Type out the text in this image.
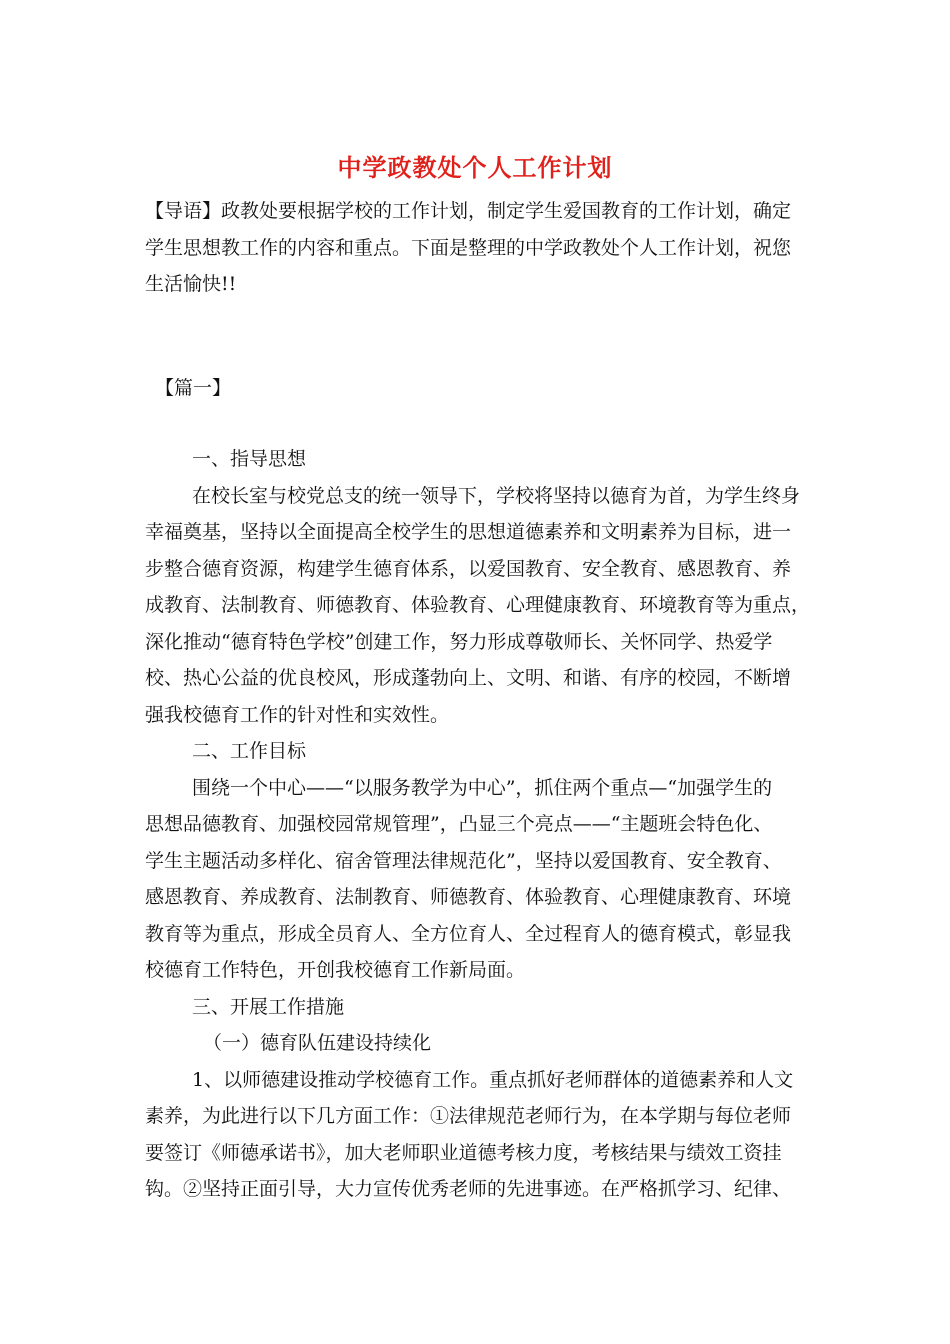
中学政教处个人工作计划
【导语】政教处要根据学校的工作计划，制定学生爱国教育的工作计划，确定
学生思想教工作的内容和重点。下面是整理的中学政教处个人工作计划，祝您
生活愉快!!
【篇一】
一、指导思想
在校长室与校党总支的统一领导下，学校将坚持以德育为首，为学生终身
幸福奠基，坚持以全面提高全校学生的思想道德素养和文明素养为目标，进一
步整合德育资源，构建学生德育体系，以爱国教育、安全教育、感恩教育、养
成教育、法制教育、师德教育、体验教育、心理健康教育、环境教育等为重点，
深化推动“德育特色学校”创建工作，努力形成尊敬师长、关怀同学、热爱学
校、热心公益的优良校风，形成蓬勃向上、文明、和谐、有序的校园，不断增
强我校德育工作的针对性和实效性。
二、工作目标
围绕一个中心——“以服务教学为中心”，抓住两个重点—“加强学生的
思想品德教育、加强校园常规管理”，凸显三个亮点——“主题班会特色化、
学生主题活动多样化、宿舍管理法律规范化”，坚持以爱国教育、安全教育、
感恩教育、养成教育、法制教育、师德教育、体验教育、心理健康教育、环境
教育等为重点，形成全员育人、全方位育人、全过程育人的德育模式，彰显我
校德育工作特色，开创我校德育工作新局面。
三、开展工作措施
（一）德育队伍建设持续化
1、以师德建设推动学校德育工作。重点抓好老师群体的道德素养和人文
素养，为此进行以下几方面工作：①法律规范老师行为，在本学期与每位老师
要签订《师德承诺书》，加大老师职业道德考核力度，考核结果与绩效工资挂
钩。②坚持正面引导，大力宣传优秀老师的先进事迹。在严格抓学习、纪律、
